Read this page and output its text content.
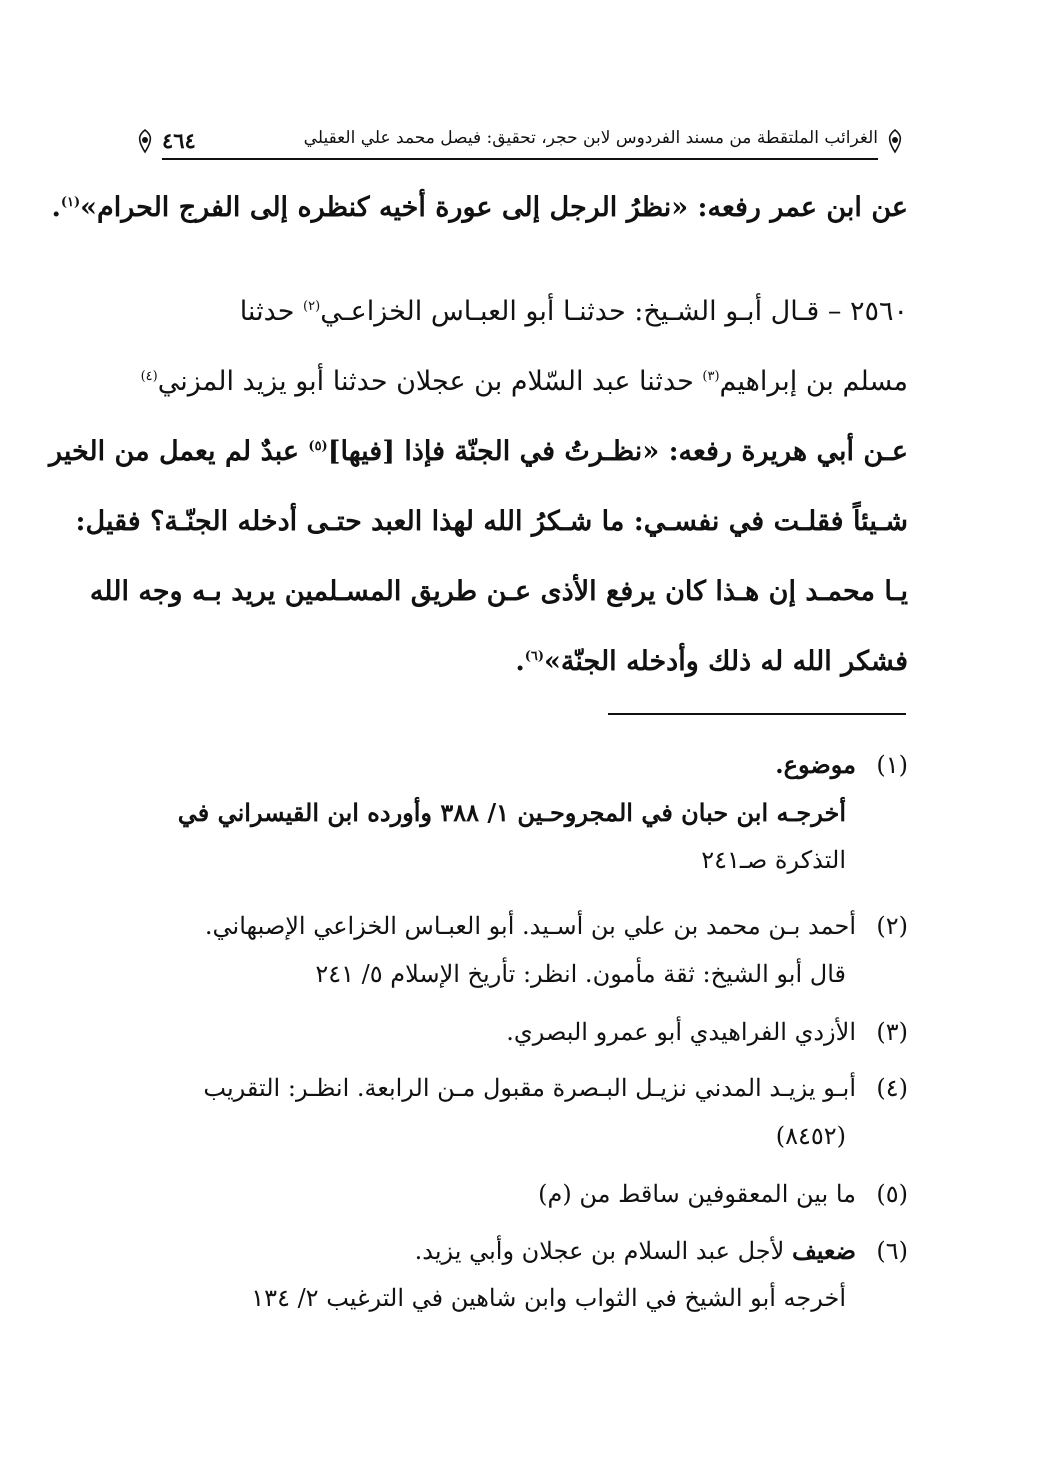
الغرائب الملتقطة من مسند الفردوس لابن حجر، تحقيق: فيصل محمد علي العقيلي
٤٦٤
عن ابن عمر رفعه: «نظرُ الرجل إلى عورة أخيه كنظره إلى الفرج الحرام»$^{(١)}$.
٢٥٦٠ – قـال أبـو الشـيخ: حدثنـا أبو العبـاس الخزاعـي$^{(٢)}$ حدثنا
مسلم بن إبراهيم$^{(٣)}$ حدثنا عبد السّلام بن عجلان حدثنا أبو يزيد المزني$^{(٤)}$
عـن أبي هريرة رفعه: «نظـرتُ في الجنّة فإذا [فيها]$^{(٥)}$ عبدٌ لم يعمل من الخير
شـيئاً فقلـت في نفسـي: ما شـكرُ الله لهذا العبد حتـى أدخله الجنّـة؟ فقيل:
يـا محمـد إن هـذا كان يرفع الأذى عـن طريق المسـلمين يريد بـه وجه الله
فشكر الله له ذلك وأدخله الجنّة»$^{(٦)}$.
(١)موضوع.
أخرجـه ابن حبان في المجروحـين ١/ ٣٨٨ وأورده ابن القيسراني في
التذكرة صـ٢٤١
(٢)أحمد بـن محمد بن علي بن أسـيد. أبو العبـاس الخزاعي الإصبهاني.
قال أبو الشيخ: ثقة مأمون. انظر: تأريخ الإسلام ٥/ ٢٤١
(٣)الأزدي الفراهيدي أبو عمرو البصري.
(٤)أبـو يزيـد المدني نزيـل البـصرة مقبول مـن الرابعة. انظـر: التقريب
(٨٤٥٢)
(٥)ما بين المعقوفين ساقط من (م)
(٦)ضعيف لأجل عبد السلام بن عجلان وأبي يزيد.
أخرجه أبو الشيخ في الثواب وابن شاهين في الترغيب ٢/ ١٣٤
